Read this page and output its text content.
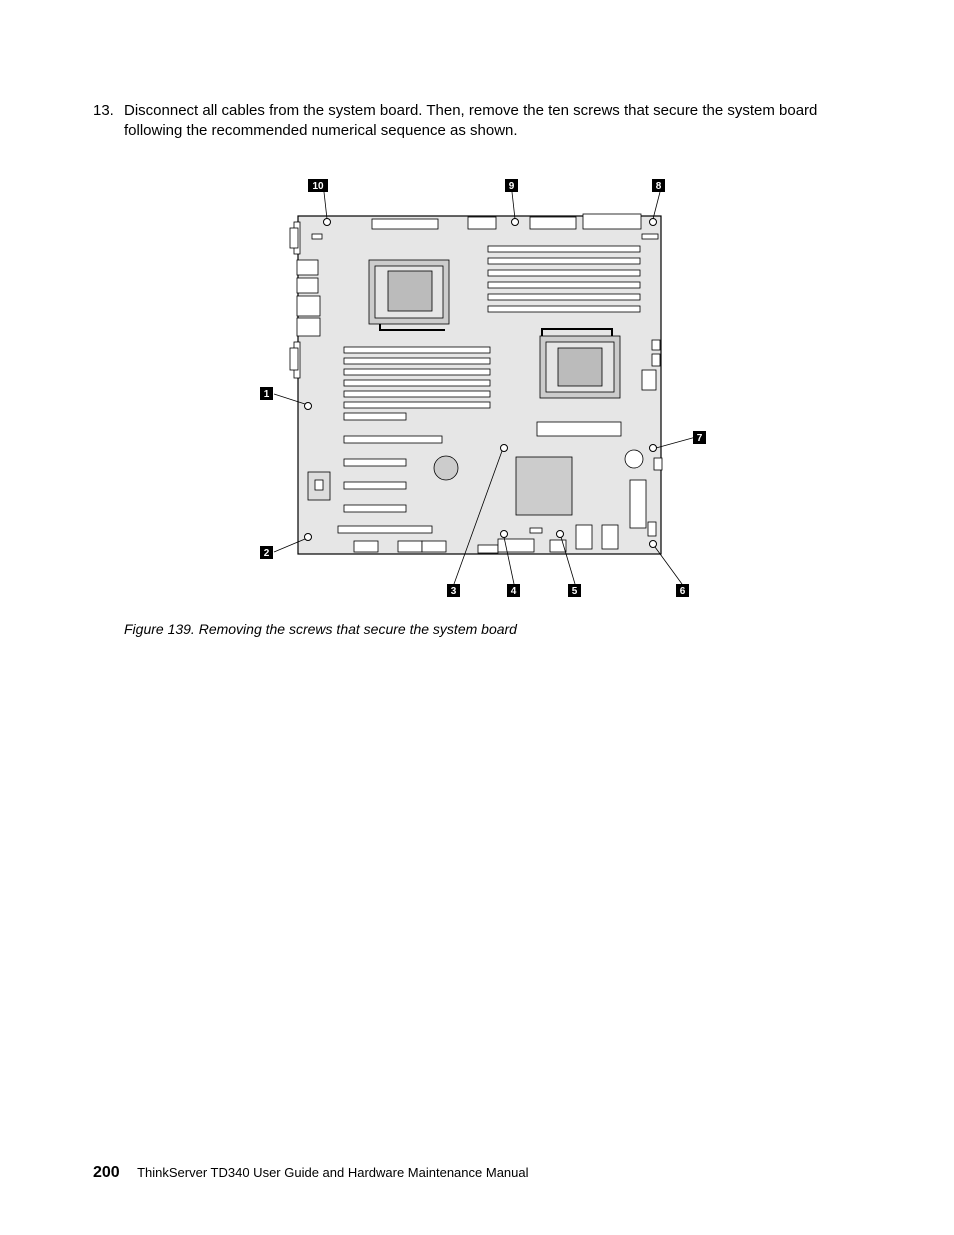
13. Disconnect all cables from the system board. Then, remove the ten screws that secure the system board following the recommended numerical sequence as shown.
10	9	8
1
7
2
3	4	5	6
Figure 139. Removing the screws that secure the system board
200 ThinkServer TD340 User Guide and Hardware Maintenance Manual
